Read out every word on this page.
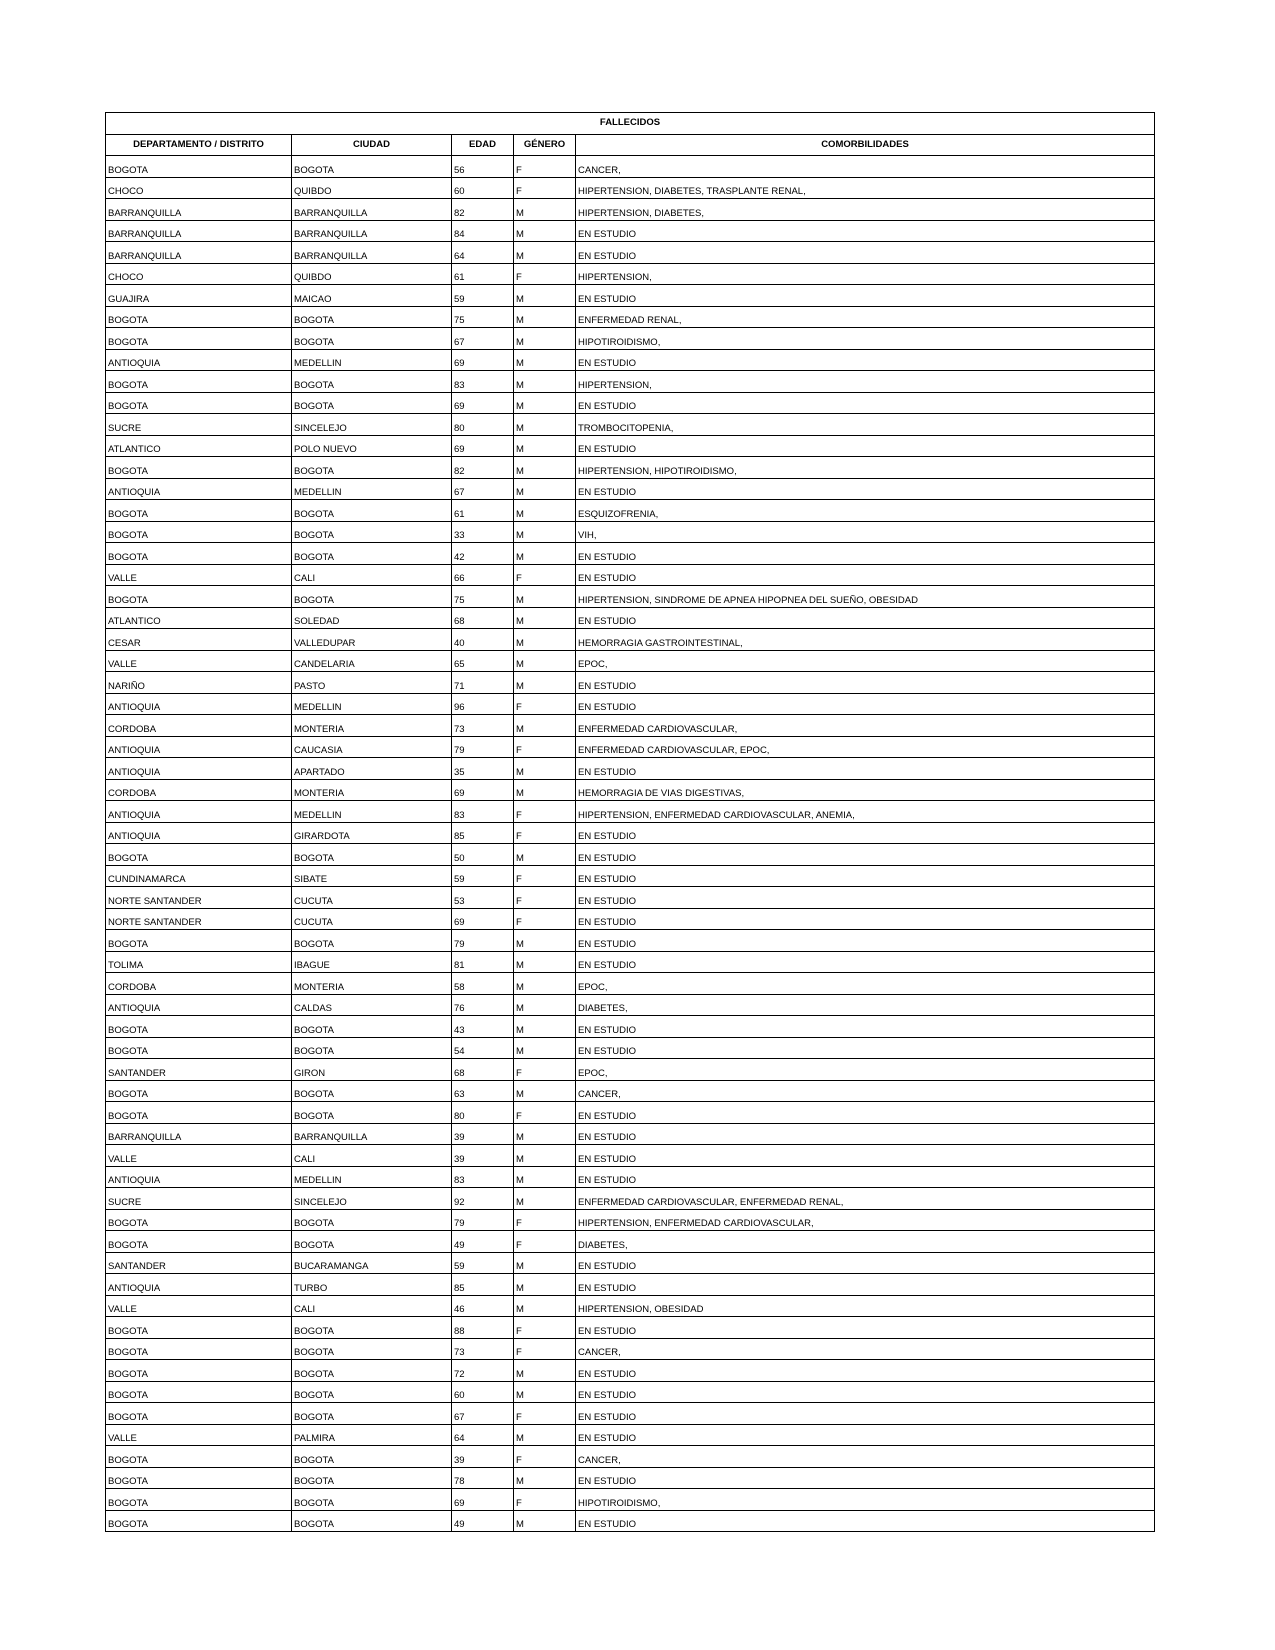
FALLECIDOS				
DEPARTAMENTO / DISTRITO	CIUDAD	EDAD	GÉNERO	COMORBILIDADES
BOGOTA	BOGOTA	56	F	CANCER,
CHOCO	QUIBDO	60	F	HIPERTENSION, DIABETES, TRASPLANTE RENAL,
BARRANQUILLA	BARRANQUILLA	82	M	HIPERTENSION, DIABETES,
BARRANQUILLA	BARRANQUILLA	84	M	EN ESTUDIO
BARRANQUILLA	BARRANQUILLA	64	M	EN ESTUDIO
CHOCO	QUIBDO	61	F	HIPERTENSION,
GUAJIRA	MAICAO	59	M	EN ESTUDIO
BOGOTA	BOGOTA	75	M	ENFERMEDAD RENAL,
BOGOTA	BOGOTA	67	M	HIPOTIROIDISMO,
ANTIOQUIA	MEDELLIN	69	M	EN ESTUDIO
BOGOTA	BOGOTA	83	M	HIPERTENSION,
BOGOTA	BOGOTA	69	M	EN ESTUDIO
SUCRE	SINCELEJO	80	M	TROMBOCITOPENIA,
ATLANTICO	POLO NUEVO	69	M	EN ESTUDIO
BOGOTA	BOGOTA	82	M	HIPERTENSION, HIPOTIROIDISMO,
ANTIOQUIA	MEDELLIN	67	M	EN ESTUDIO
BOGOTA	BOGOTA	61	M	ESQUIZOFRENIA,
BOGOTA	BOGOTA	33	M	VIH,
BOGOTA	BOGOTA	42	M	EN ESTUDIO
VALLE	CALI	66	F	EN ESTUDIO
BOGOTA	BOGOTA	75	M	HIPERTENSION, SINDROME DE APNEA HIPOPNEA DEL SUEÑO, OBESIDAD
ATLANTICO	SOLEDAD	68	M	EN ESTUDIO
CESAR	VALLEDUPAR	40	M	HEMORRAGIA GASTROINTESTINAL,
VALLE	CANDELARIA	65	M	EPOC,
NARIÑO	PASTO	71	M	EN ESTUDIO
ANTIOQUIA	MEDELLIN	96	F	EN ESTUDIO
CORDOBA	MONTERIA	73	M	ENFERMEDAD CARDIOVASCULAR,
ANTIOQUIA	CAUCASIA	79	F	ENFERMEDAD CARDIOVASCULAR, EPOC,
ANTIOQUIA	APARTADO	35	M	EN ESTUDIO
CORDOBA	MONTERIA	69	M	HEMORRAGIA DE VIAS DIGESTIVAS,
ANTIOQUIA	MEDELLIN	83	F	HIPERTENSION, ENFERMEDAD CARDIOVASCULAR, ANEMIA,
ANTIOQUIA	GIRARDOTA	85	F	EN ESTUDIO
BOGOTA	BOGOTA	50	M	EN ESTUDIO
CUNDINAMARCA	SIBATE	59	F	EN ESTUDIO
NORTE SANTANDER	CUCUTA	53	F	EN ESTUDIO
NORTE SANTANDER	CUCUTA	69	F	EN ESTUDIO
BOGOTA	BOGOTA	79	M	EN ESTUDIO
TOLIMA	IBAGUE	81	M	EN ESTUDIO
CORDOBA	MONTERIA	58	M	EPOC,
ANTIOQUIA	CALDAS	76	M	DIABETES,
BOGOTA	BOGOTA	43	M	EN ESTUDIO
BOGOTA	BOGOTA	54	M	EN ESTUDIO
SANTANDER	GIRON	68	F	EPOC,
BOGOTA	BOGOTA	63	M	CANCER,
BOGOTA	BOGOTA	80	F	EN ESTUDIO
BARRANQUILLA	BARRANQUILLA	39	M	EN ESTUDIO
VALLE	CALI	39	M	EN ESTUDIO
ANTIOQUIA	MEDELLIN	83	M	EN ESTUDIO
SUCRE	SINCELEJO	92	M	ENFERMEDAD CARDIOVASCULAR, ENFERMEDAD RENAL,
BOGOTA	BOGOTA	79	F	HIPERTENSION, ENFERMEDAD CARDIOVASCULAR,
BOGOTA	BOGOTA	49	F	DIABETES,
SANTANDER	BUCARAMANGA	59	M	EN ESTUDIO
ANTIOQUIA	TURBO	85	M	EN ESTUDIO
VALLE	CALI	46	M	HIPERTENSION, OBESIDAD
BOGOTA	BOGOTA	88	F	EN ESTUDIO
BOGOTA	BOGOTA	73	F	CANCER,
BOGOTA	BOGOTA	72	M	EN ESTUDIO
BOGOTA	BOGOTA	60	M	EN ESTUDIO
BOGOTA	BOGOTA	67	F	EN ESTUDIO
VALLE	PALMIRA	64	M	EN ESTUDIO
BOGOTA	BOGOTA	39	F	CANCER,
BOGOTA	BOGOTA	78	M	EN ESTUDIO
BOGOTA	BOGOTA	69	F	HIPOTIROIDISMO,
BOGOTA	BOGOTA	49	M	EN ESTUDIO
